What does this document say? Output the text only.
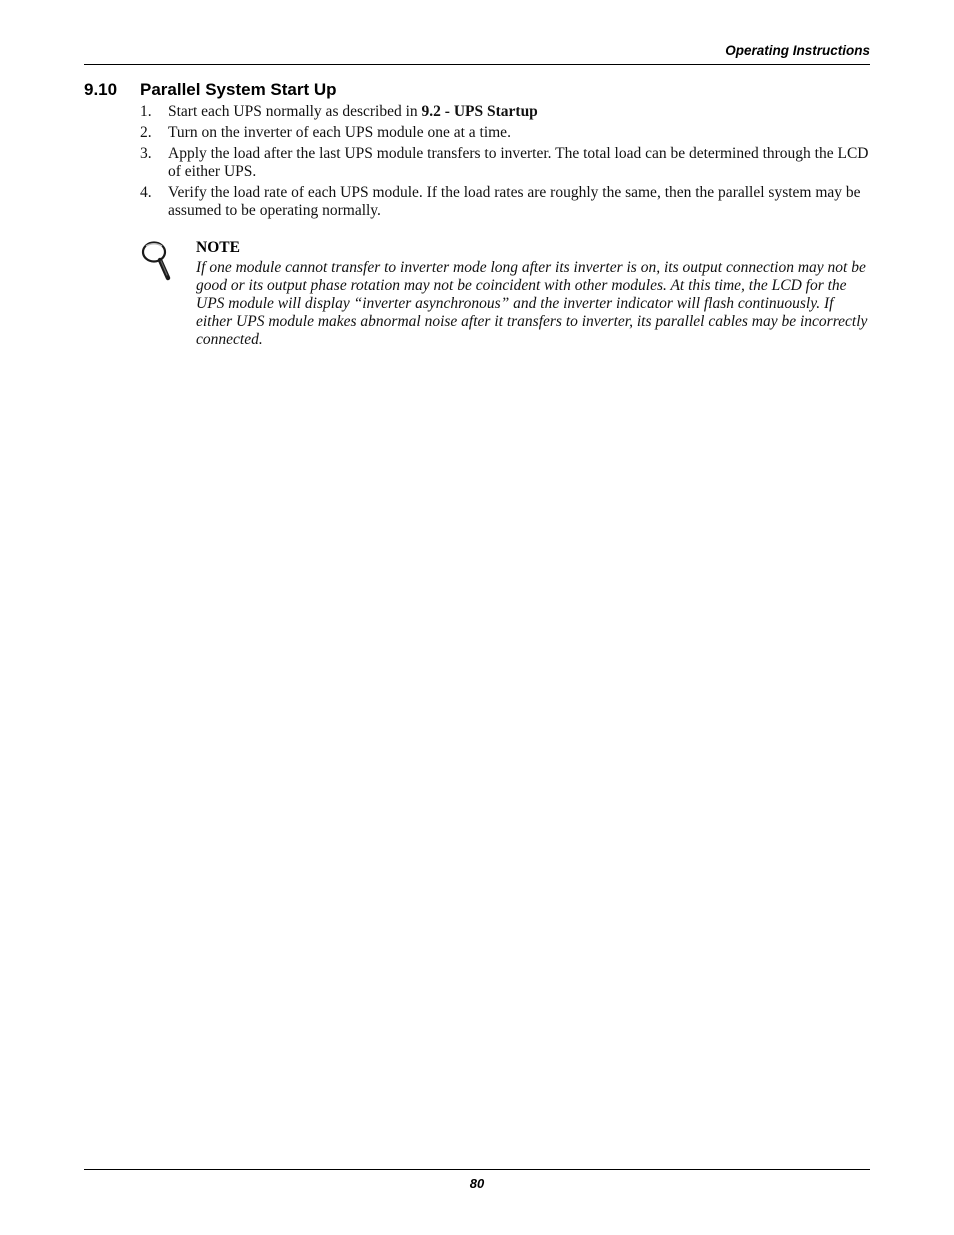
Operating Instructions
9.10 Parallel System Start Up
1. Start each UPS normally as described in 9.2 - UPS Startup
2. Turn on the inverter of each UPS module one at a time.
3. Apply the load after the last UPS module transfers to inverter. The total load can be determined through the LCD of either UPS.
4. Verify the load rate of each UPS module. If the load rates are roughly the same, then the parallel system may be assumed to be operating normally.
NOTE
If one module cannot transfer to inverter mode long after its inverter is on, its output connection may not be good or its output phase rotation may not be coincident with other modules. At this time, the LCD for the UPS module will display “inverter asynchronous” and the inverter indicator will flash continuously. If either UPS module makes abnormal noise after it transfers to inverter, its parallel cables may be incorrectly connected.
80
